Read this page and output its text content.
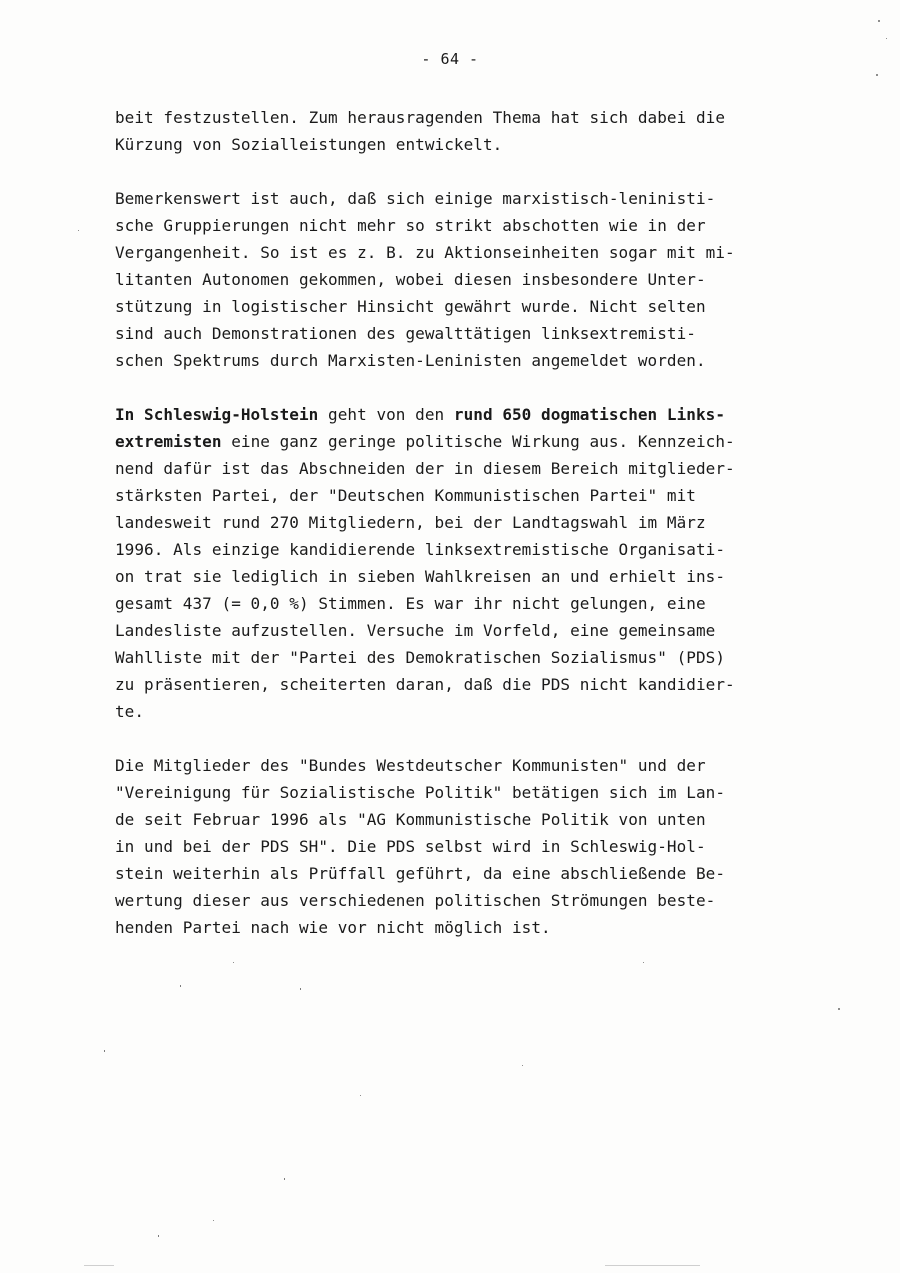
- 64 -
beit festzustellen. Zum herausragenden Thema hat sich dabei die
Kürzung von Sozialleistungen entwickelt.
Bemerkenswert ist auch, daß sich einige marxistisch-leninisti-
sche Gruppierungen nicht mehr so strikt abschotten wie in der
Vergangenheit. So ist es z. B. zu Aktionseinheiten sogar mit mi-
litanten Autonomen gekommen, wobei diesen insbesondere Unter-
stützung in logistischer Hinsicht gewährt wurde. Nicht selten
sind auch Demonstrationen des gewalttätigen linksextremisti-
schen Spektrums durch Marxisten-Leninisten angemeldet worden.
In Schleswig-Holstein geht von den rund 650 dogmatischen Links-
extremisten eine ganz geringe politische Wirkung aus. Kennzeich-
nend dafür ist das Abschneiden der in diesem Bereich mitglieder-
stärksten Partei, der "Deutschen Kommunistischen Partei" mit
landesweit rund 270 Mitgliedern, bei der Landtagswahl im März
1996. Als einzige kandidierende linksextremistische Organisati-
on trat sie lediglich in sieben Wahlkreisen an und erhielt ins-
gesamt 437 (= 0,0 %) Stimmen. Es war ihr nicht gelungen, eine
Landesliste aufzustellen. Versuche im Vorfeld, eine gemeinsame
Wahlliste mit der "Partei des Demokratischen Sozialismus" (PDS)
zu präsentieren, scheiterten daran, daß die PDS nicht kandidier-
te.
Die Mitglieder des "Bundes Westdeutscher Kommunisten" und der
"Vereinigung für Sozialistische Politik" betätigen sich im Lan-
de seit Februar 1996 als "AG Kommunistische Politik von unten
in und bei der PDS SH". Die PDS selbst wird in Schleswig-Hol-
stein weiterhin als Prüffall geführt, da eine abschließende Be-
wertung dieser aus verschiedenen politischen Strömungen beste-
henden Partei nach wie vor nicht möglich ist.
